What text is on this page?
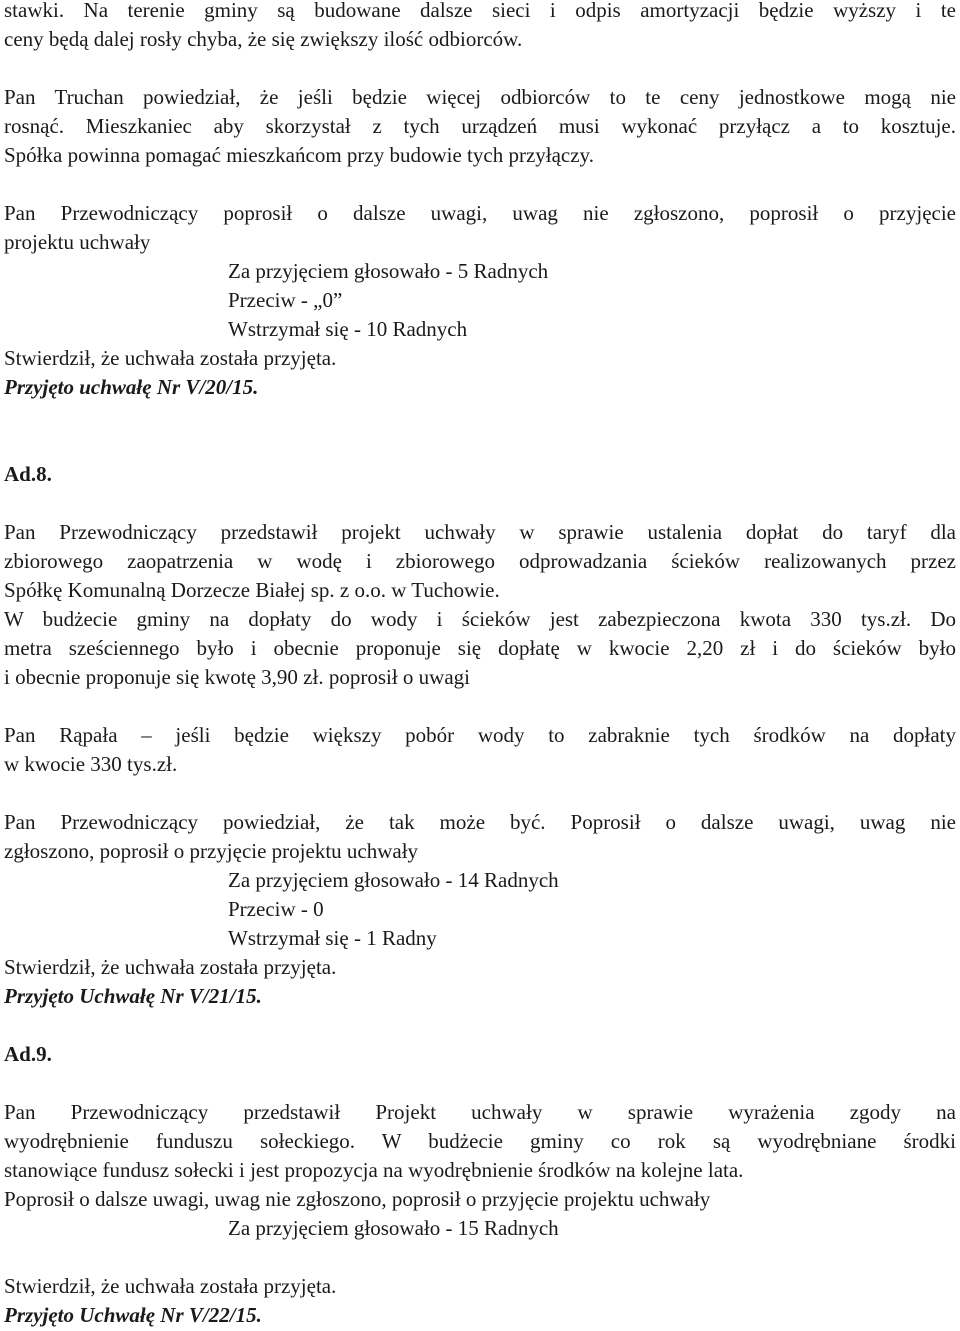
stawki. Na terenie gminy są budowane dalsze sieci i odpis amortyzacji będzie wyższy i te
ceny będą dalej rosły chyba, że się zwiększy ilość odbiorców.
Pan Truchan powiedział, że jeśli będzie więcej odbiorców to te ceny jednostkowe mogą nie
rosnąć. Mieszkaniec aby skorzystał z tych urządzeń musi wykonać przyłącz a to kosztuje.
Spółka powinna pomagać mieszkańcom przy budowie tych przyłączy.
Pan Przewodniczący poprosił o dalsze uwagi, uwag nie zgłoszono, poprosił o przyjęcie
projektu uchwały
Za przyjęciem głosowało - 5 Radnych
Przeciw - „0”
Wstrzymał się - 10 Radnych
Stwierdził, że uchwała została przyjęta.
Przyjęto uchwałę Nr V/20/15.
Ad.8.
Pan Przewodniczący przedstawił projekt uchwały w sprawie ustalenia dopłat do taryf dla
zbiorowego zaopatrzenia w wodę i zbiorowego odprowadzania ścieków realizowanych przez
Spółkę Komunalną Dorzecze Białej sp. z o.o. w Tuchowie.
W budżecie gminy na dopłaty do wody i ścieków jest zabezpieczona kwota 330 tys.zł. Do
metra sześciennego było i obecnie proponuje się dopłatę w kwocie 2,20 zł i do ścieków było
i obecnie proponuje się kwotę 3,90 zł. poprosił o uwagi
Pan Rąpała – jeśli będzie większy pobór wody to zabraknie tych środków na dopłaty
w kwocie 330 tys.zł.
Pan Przewodniczący powiedział, że tak może być. Poprosił o dalsze uwagi, uwag nie
zgłoszono, poprosił o przyjęcie projektu uchwały
Za przyjęciem głosowało - 14 Radnych
Przeciw - 0
Wstrzymał się - 1 Radny
Stwierdził, że uchwała została przyjęta.
Przyjęto Uchwałę Nr V/21/15.
Ad.9.
Pan Przewodniczący przedstawił Projekt uchwały w sprawie wyrażenia zgody na
wyodrębnienie funduszu sołeckiego. W budżecie gminy co rok są wyodrębniane środki
stanowiące fundusz sołecki i jest propozycja na wyodrębnienie środków na kolejne lata.
Poprosił o dalsze uwagi, uwag nie zgłoszono, poprosił o przyjęcie projektu uchwały
Za przyjęciem głosowało - 15 Radnych
Stwierdził, że uchwała została przyjęta.
Przyjęto Uchwałę Nr V/22/15.
